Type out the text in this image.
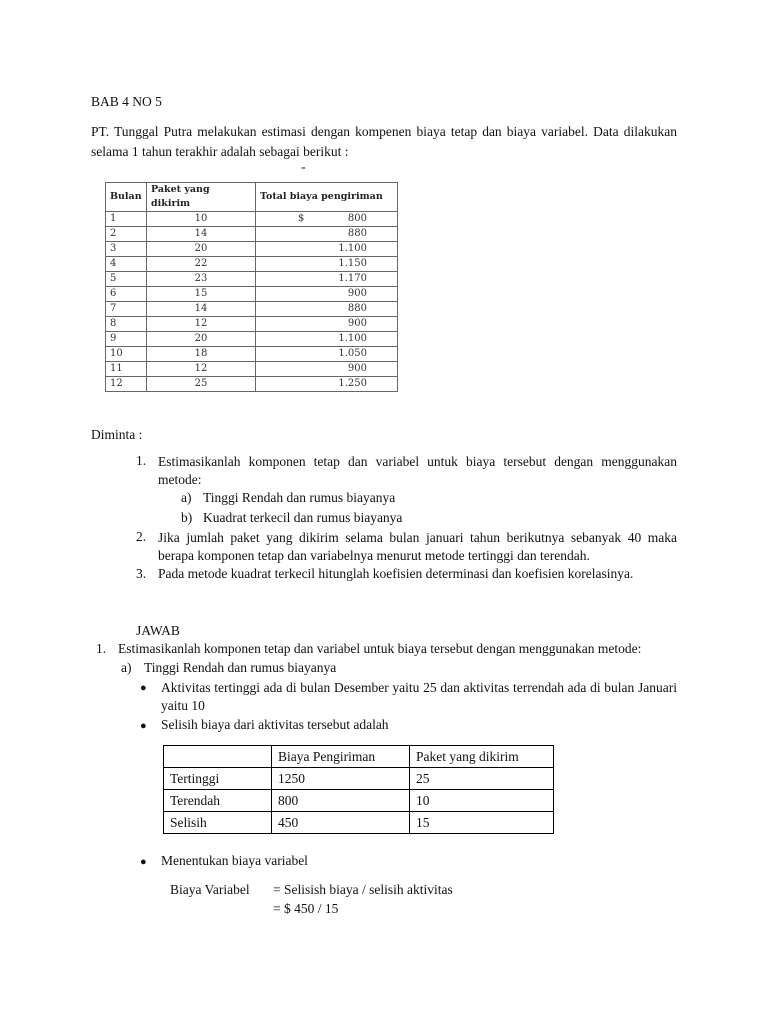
BAB 4 NO 5

PT. Tunggal Putra melakukan estimasi dengan kompenen biaya tetap dan biaya variabel. Data dilakukan selama 1 tahun terakhir adalah sebagai berikut :

-
Bulan	Paket yang dikirim	Total biaya pengiriman
1	10	$ 800
2	14	880
3	20	1.100
4	22	1.150
5	23	1.170
6	15	900
7	14	880
8	12	900
9	20	1.100
10	18	1.050
11	12	900
12	25	1.250

Diminta :

1. Estimasikanlah komponen tetap dan variabel untuk biaya tersebut dengan menggunakan metode:

a) Tinggi Rendah dan rumus biayanya

b) Kuadrat terkecil dan rumus biayanya

2. Jika jumlah paket yang dikirim selama bulan januari tahun berikutnya sebanyak 40 maka berapa komponen tetap dan variabelnya menurut metode tertinggi dan terendah.

3. Pada metode kuadrat terkecil hitunglah koefisien determinasi dan koefisien korelasinya.

JAWAB

1. Estimasikanlah komponen tetap dan variabel untuk biaya tersebut dengan menggunakan metode:

a) Tinggi Rendah dan rumus biayanya

● Aktivitas tertinggi ada di bulan Desember yaitu 25 dan aktivitas terrendah ada di bulan Januari yaitu 10

● Selisih biaya dari aktivitas tersebut adalah

	Biaya Pengiriman	Paket yang dikirim
Tertinggi	1250	25
Terendah	800	10
Selisih	450	15
● Menentukan biaya variabel

Biaya Variabel = Selisish biaya / selisih aktivitas

= $ 450 / 15
